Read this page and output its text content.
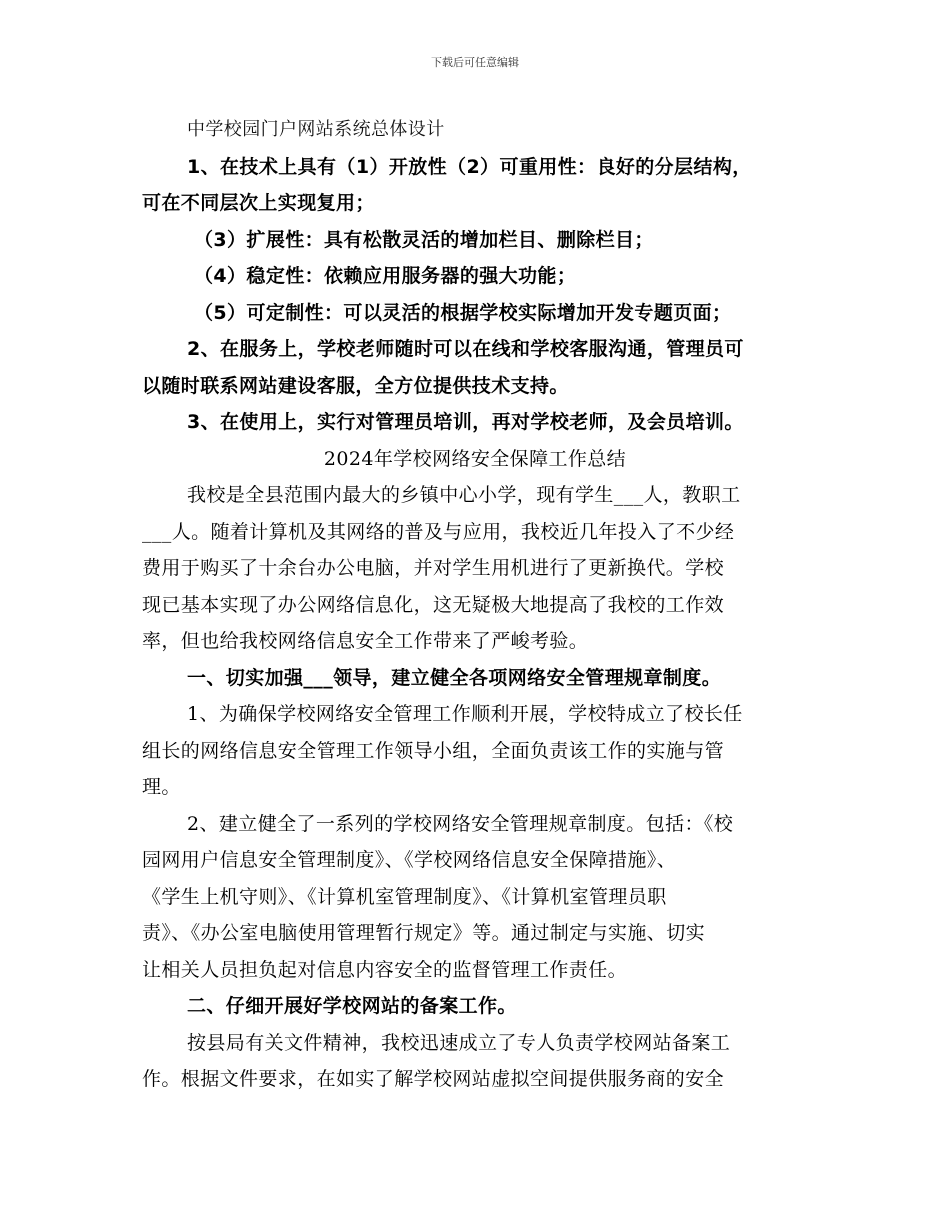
下载后可任意编辑
中学校园门户网站系统总体设计
1、在技术上具有（1）开放性（2）可重用性：良好的分层结构，
可在不同层次上实现复用；
（3）扩展性：具有松散灵活的增加栏目、删除栏目；
（4）稳定性：依赖应用服务器的强大功能；
（5）可定制性：可以灵活的根据学校实际增加开发专题页面；
2、在服务上，学校老师随时可以在线和学校客服沟通，管理员可
以随时联系网站建设客服，全方位提供技术支持。
3、在使用上，实行对管理员培训，再对学校老师，及会员培训。
2024年学校网络安全保障工作总结
我校是全县范围内最大的乡镇中心小学，现有学生___人，教职工
___人。随着计算机及其网络的普及与应用，我校近几年投入了不少经
费用于购买了十余台办公电脑，并对学生用机进行了更新换代。学校
现已基本实现了办公网络信息化，这无疑极大地提高了我校的工作效
率，但也给我校网络信息安全工作带来了严峻考验。
一、切实加强___领导，建立健全各项网络安全管理规章制度。
1、为确保学校网络安全管理工作顺利开展，学校特成立了校长任
组长的网络信息安全管理工作领导小组，全面负责该工作的实施与管
理。
2、建立健全了一系列的学校网络安全管理规章制度。包括：《校
园网用户信息安全管理制度》、《学校网络信息安全保障措施》、
《学生上机守则》、《计算机室管理制度》、《计算机室管理员职
责》、《办公室电脑使用管理暂行规定》等。通过制定与实施、切实
让相关人员担负起对信息内容安全的监督管理工作责任。
二、仔细开展好学校网站的备案工作。
按县局有关文件精神，我校迅速成立了专人负责学校网站备案工
作。根据文件要求，在如实了解学校网站虚拟空间提供服务商的安全
